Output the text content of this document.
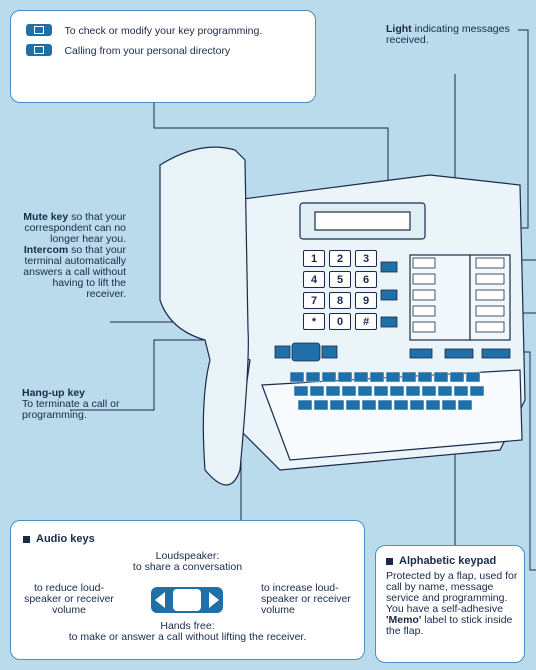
1	2	3
4	5	6
7	8	9
*	0	#
To check or modify your key programming.
Calling from your personal directory
Light indicating messages received.
Mute key so that your correspondent can no longer hear you.
Intercom so that your terminal automatically answers a call without having to lift the receiver.
Hang-up key
To terminate a call or programming.
Audio keys
Loudspeaker:
to share a conversation
to reduce loud-speaker or receiver volume
to increase loud-speaker or receiver volume
Hands free:
to make or answer a call without lifting the receiver.
Alphabetic keypad
Protected by a flap, used for call by name, message service and programming. You have a self-adhesive 'Memo' label to stick inside the flap.
